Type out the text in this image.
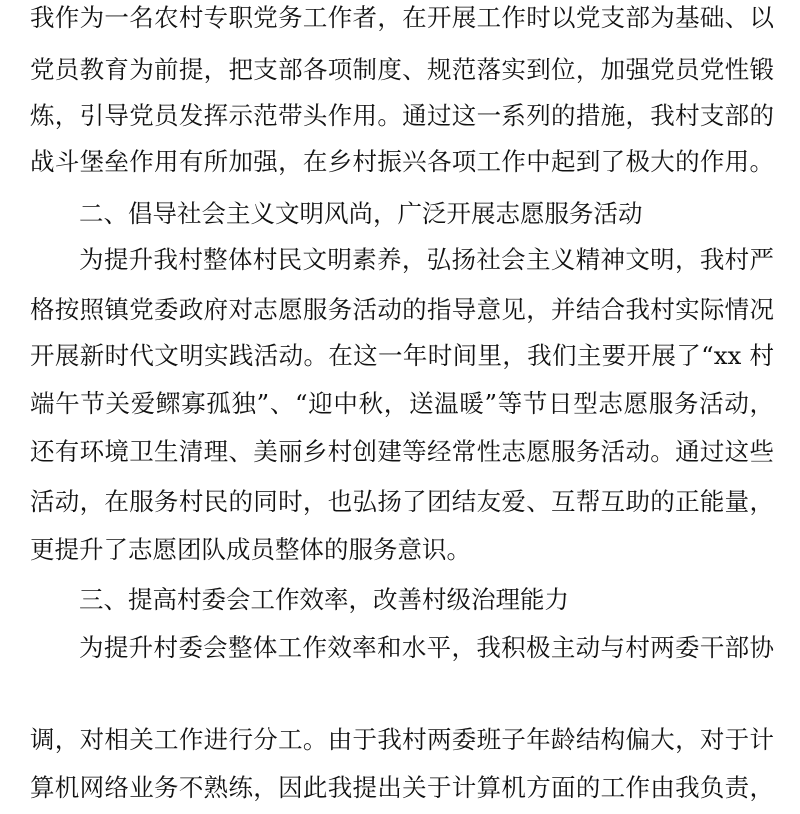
我作为一名农村专职党务工作者，在开展工作时以党支部为基础、以
党员教育为前提，把支部各项制度、规范落实到位，加强党员党性锻
炼，引导党员发挥示范带头作用。通过这一系列的措施，我村支部的
战斗堡垒作用有所加强，在乡村振兴各项工作中起到了极大的作用。
二、倡导社会主义文明风尚，广泛开展志愿服务活动
为提升我村整体村民文明素养，弘扬社会主义精神文明，我村严
格按照镇党委政府对志愿服务活动的指导意见，并结合我村实际情况
开展新时代文明实践活动。在这一年时间里，我们主要开展了“xx 村
端午节关爱鳏寡孤独”、“迎中秋，送温暖”等节日型志愿服务活动，
还有环境卫生清理、美丽乡村创建等经常性志愿服务活动。通过这些
活动，在服务村民的同时，也弘扬了团结友爱、互帮互助的正能量，
更提升了志愿团队成员整体的服务意识。
三、提高村委会工作效率，改善村级治理能力
为提升村委会整体工作效率和水平，我积极主动与村两委干部协
调，对相关工作进行分工。由于我村两委班子年龄结构偏大，对于计
算机网络业务不熟练，因此我提出关于计算机方面的工作由我负责，
